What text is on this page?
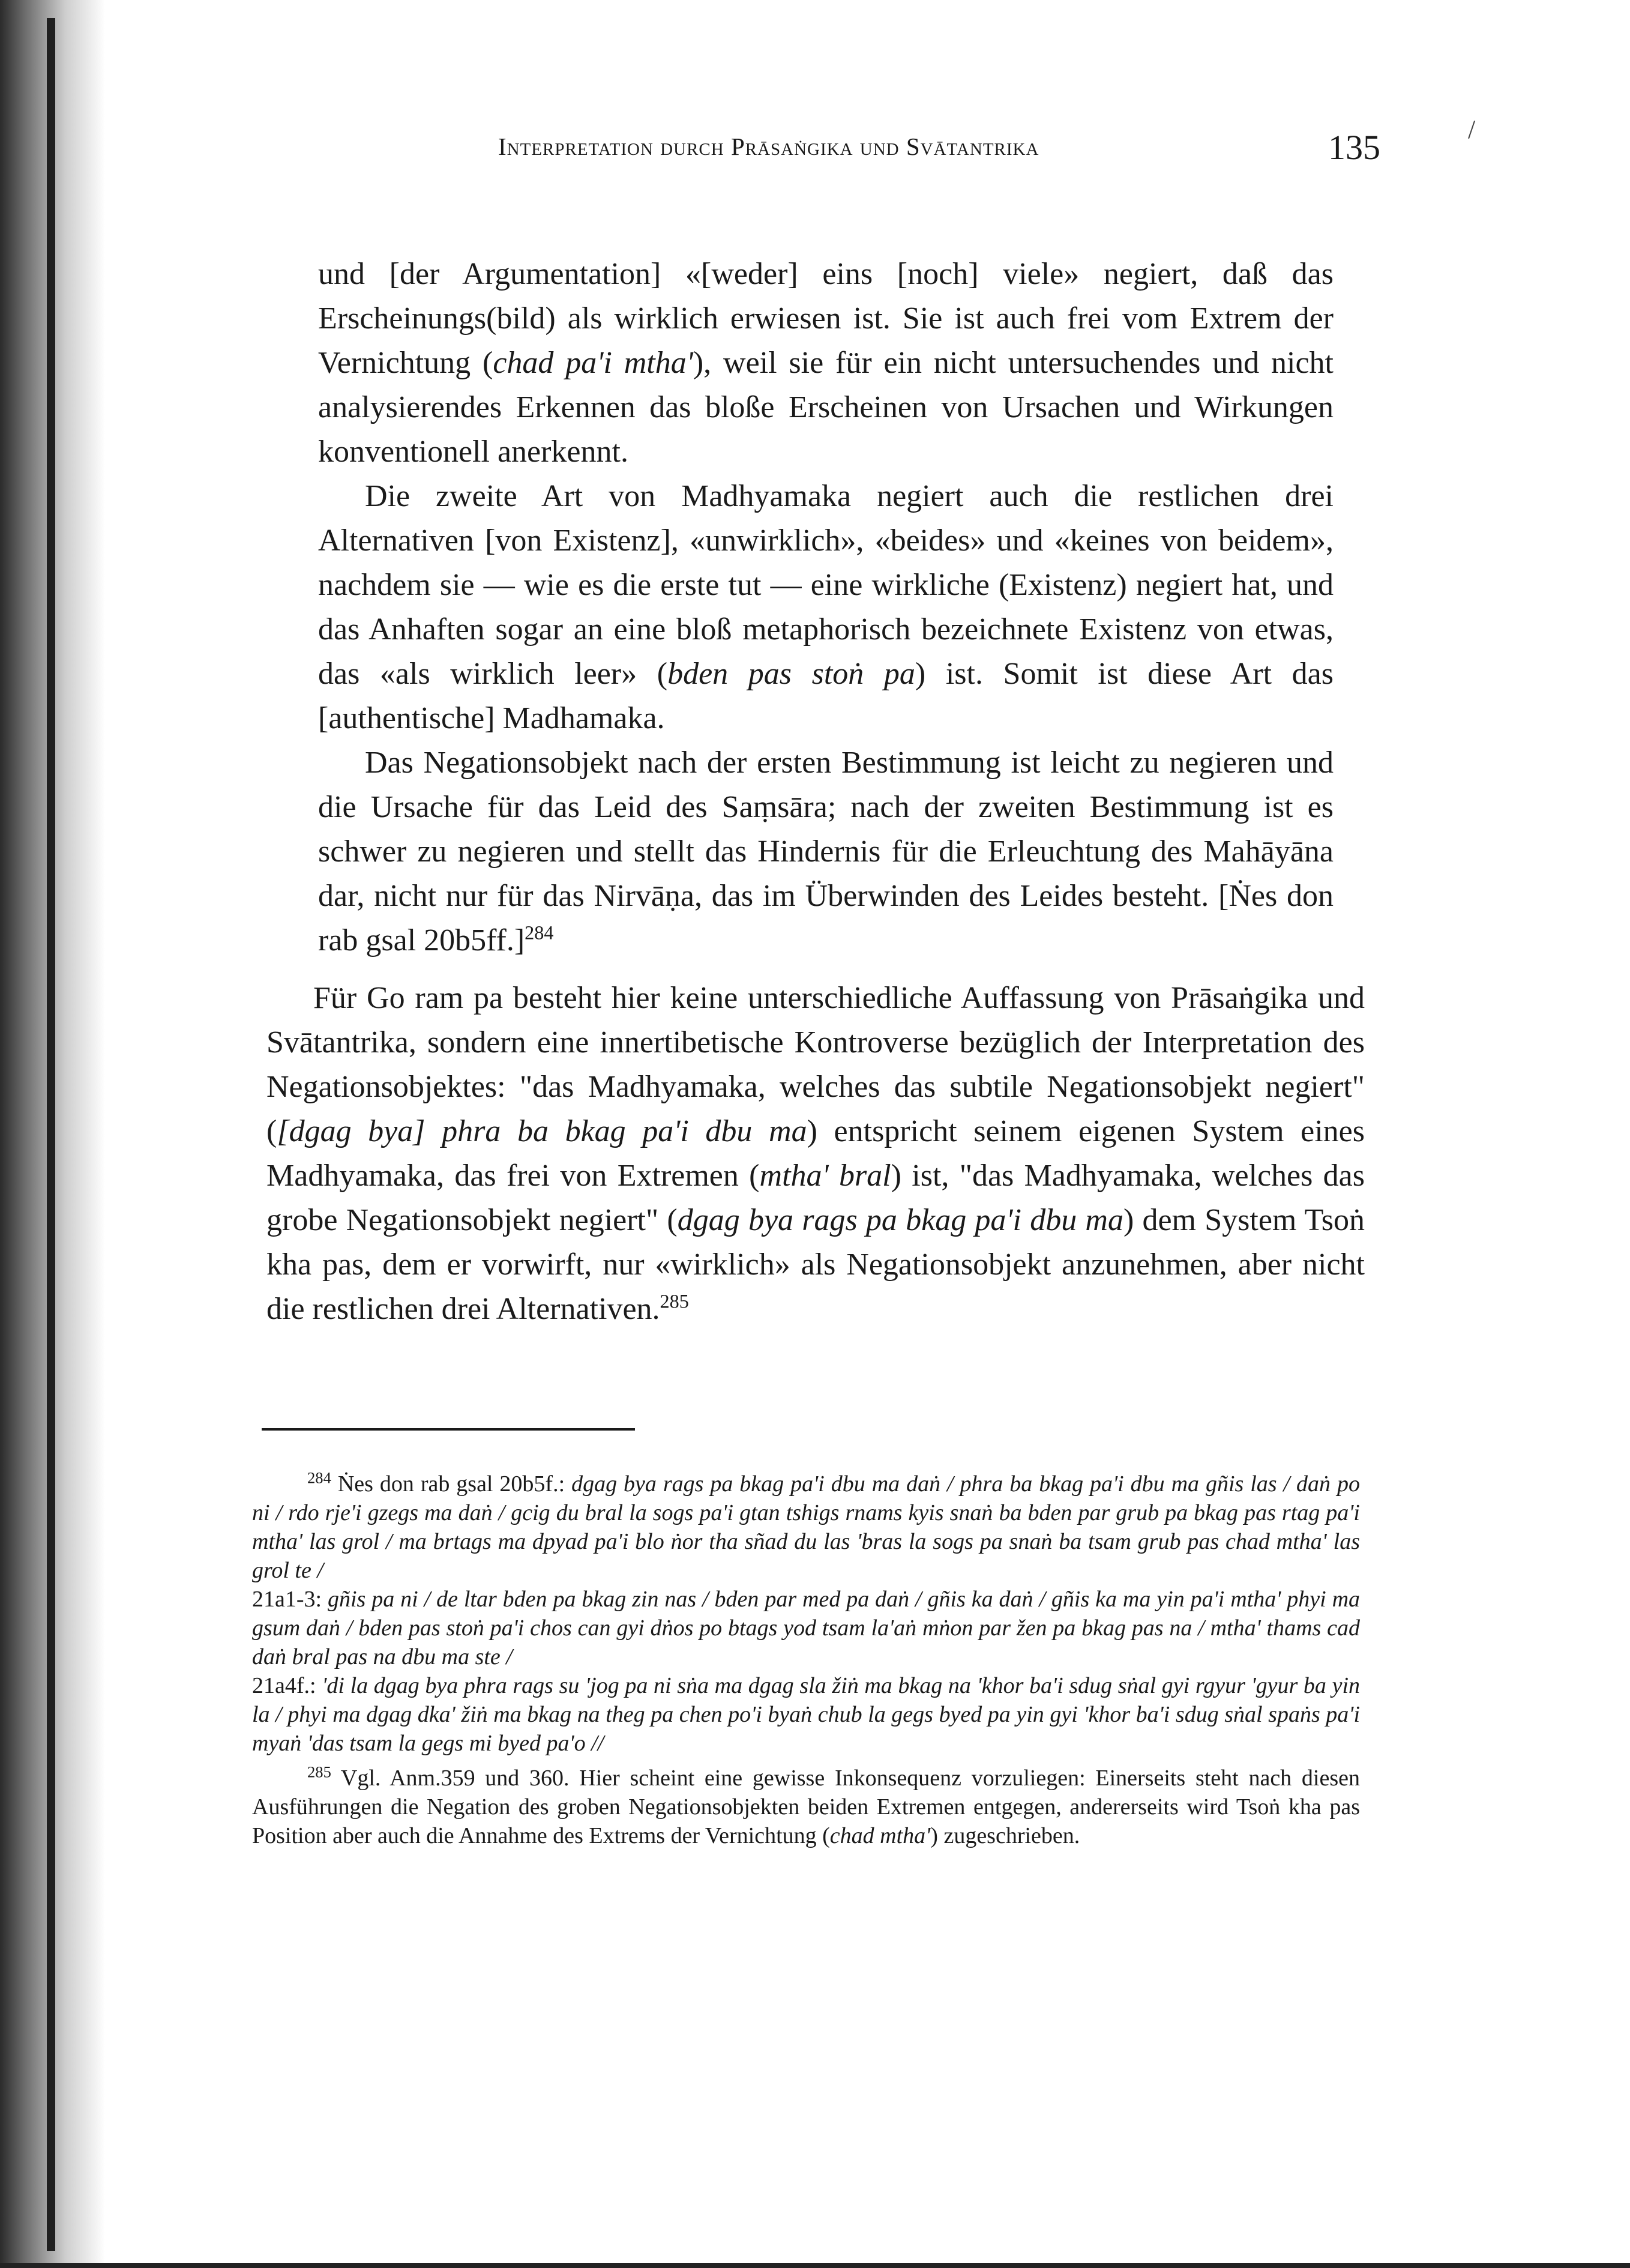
Interpretation durch Prāsaṅgika und Svātantrika	135	/

und [der Argumentation] «[weder] eins [noch] viele» negiert, daß das Erscheinungs(bild) als wirklich erwiesen ist. Sie ist auch frei vom Extrem der Vernichtung (chad pa'i mtha'), weil sie für ein nicht untersuchendes und nicht analysierendes Erkennen das bloße Erscheinen von Ursachen und Wirkungen konventionell anerkennt.

Die zweite Art von Madhyamaka negiert auch die restlichen drei Alternativen [von Existenz], «unwirklich», «beides» und «keines von beidem», nachdem sie — wie es die erste tut — eine wirkliche (Existenz) negiert hat, und das Anhaften sogar an eine bloß metaphorisch bezeichnete Existenz von etwas, das «als wirklich leer» (bden pas stoṅ pa) ist. Somit ist diese Art das [authentische] Madhamaka.

Das Negationsobjekt nach der ersten Bestimmung ist leicht zu negieren und die Ursache für das Leid des Saṃsāra; nach der zweiten Bestimmung ist es schwer zu negieren und stellt das Hindernis für die Erleuchtung des Mahāyāna dar, nicht nur für das Nirvāṇa, das im Überwinden des Leides besteht. [Ṅes don rab gsal 20b5ff.]$^{284}$

Für Go ram pa besteht hier keine unterschiedliche Auffassung von Prāsaṅgika und Svātantrika, sondern eine innertibetische Kontroverse bezüglich der Interpretation des Negationsobjektes: "das Madhyamaka, welches das subtile Negationsobjekt negiert" ([dgag bya] phra ba bkag pa'i dbu ma) entspricht seinem eigenen System eines Madhyamaka, das frei von Extremen (mtha' bral) ist, "das Madhyamaka, welches das grobe Negationsobjekt negiert" (dgag bya rags pa bkag pa'i dbu ma) dem System Tsoṅ kha pas, dem er vorwirft, nur «wirklich» als Negationsobjekt anzunehmen, aber nicht die restlichen drei Alternativen.$^{285}$

$^{284}$ Ṅes don rab gsal 20b5f.: dgag bya rags pa bkag pa'i dbu ma daṅ / phra ba bkag pa'i dbu ma gñis las / daṅ po ni / rdo rje'i gzegs ma daṅ / gcig du bral la sogs pa'i gtan tshigs rnams kyis snaṅ ba bden par grub pa bkag pas rtag pa'i mtha' las grol / ma brtags ma dpyad pa'i blo ṅor tha sñad du las 'bras la sogs pa snaṅ ba tsam grub pas chad mtha' las grol te /

21a1-3: gñis pa ni / de ltar bden pa bkag zin nas / bden par med pa daṅ / gñis ka daṅ / gñis ka ma yin pa'i mtha' phyi ma gsum daṅ / bden pas stoṅ pa'i chos can gyi dṅos po btags yod tsam la'aṅ mṅon par žen pa bkag pas na / mtha' thams cad daṅ bral pas na dbu ma ste /

21a4f.: 'di la dgag bya phra rags su 'jog pa ni sṅa ma dgag sla žiṅ ma bkag na 'khor ba'i sdug sṅal gyi rgyur 'gyur ba yin la / phyi ma dgag dka' žiṅ ma bkag na theg pa chen po'i byaṅ chub la gegs byed pa yin gyi 'khor ba'i sdug sṅal spaṅs pa'i myaṅ 'das tsam la gegs mi byed pa'o //

$^{285}$ Vgl. Anm.359 und 360. Hier scheint eine gewisse Inkonsequenz vorzuliegen: Einerseits steht nach diesen Ausführungen die Negation des groben Negationsobjekten beiden Extremen entgegen, andererseits wird Tsoṅ kha pas Position aber auch die Annahme des Extrems der Vernichtung (chad mtha') zugeschrieben.
